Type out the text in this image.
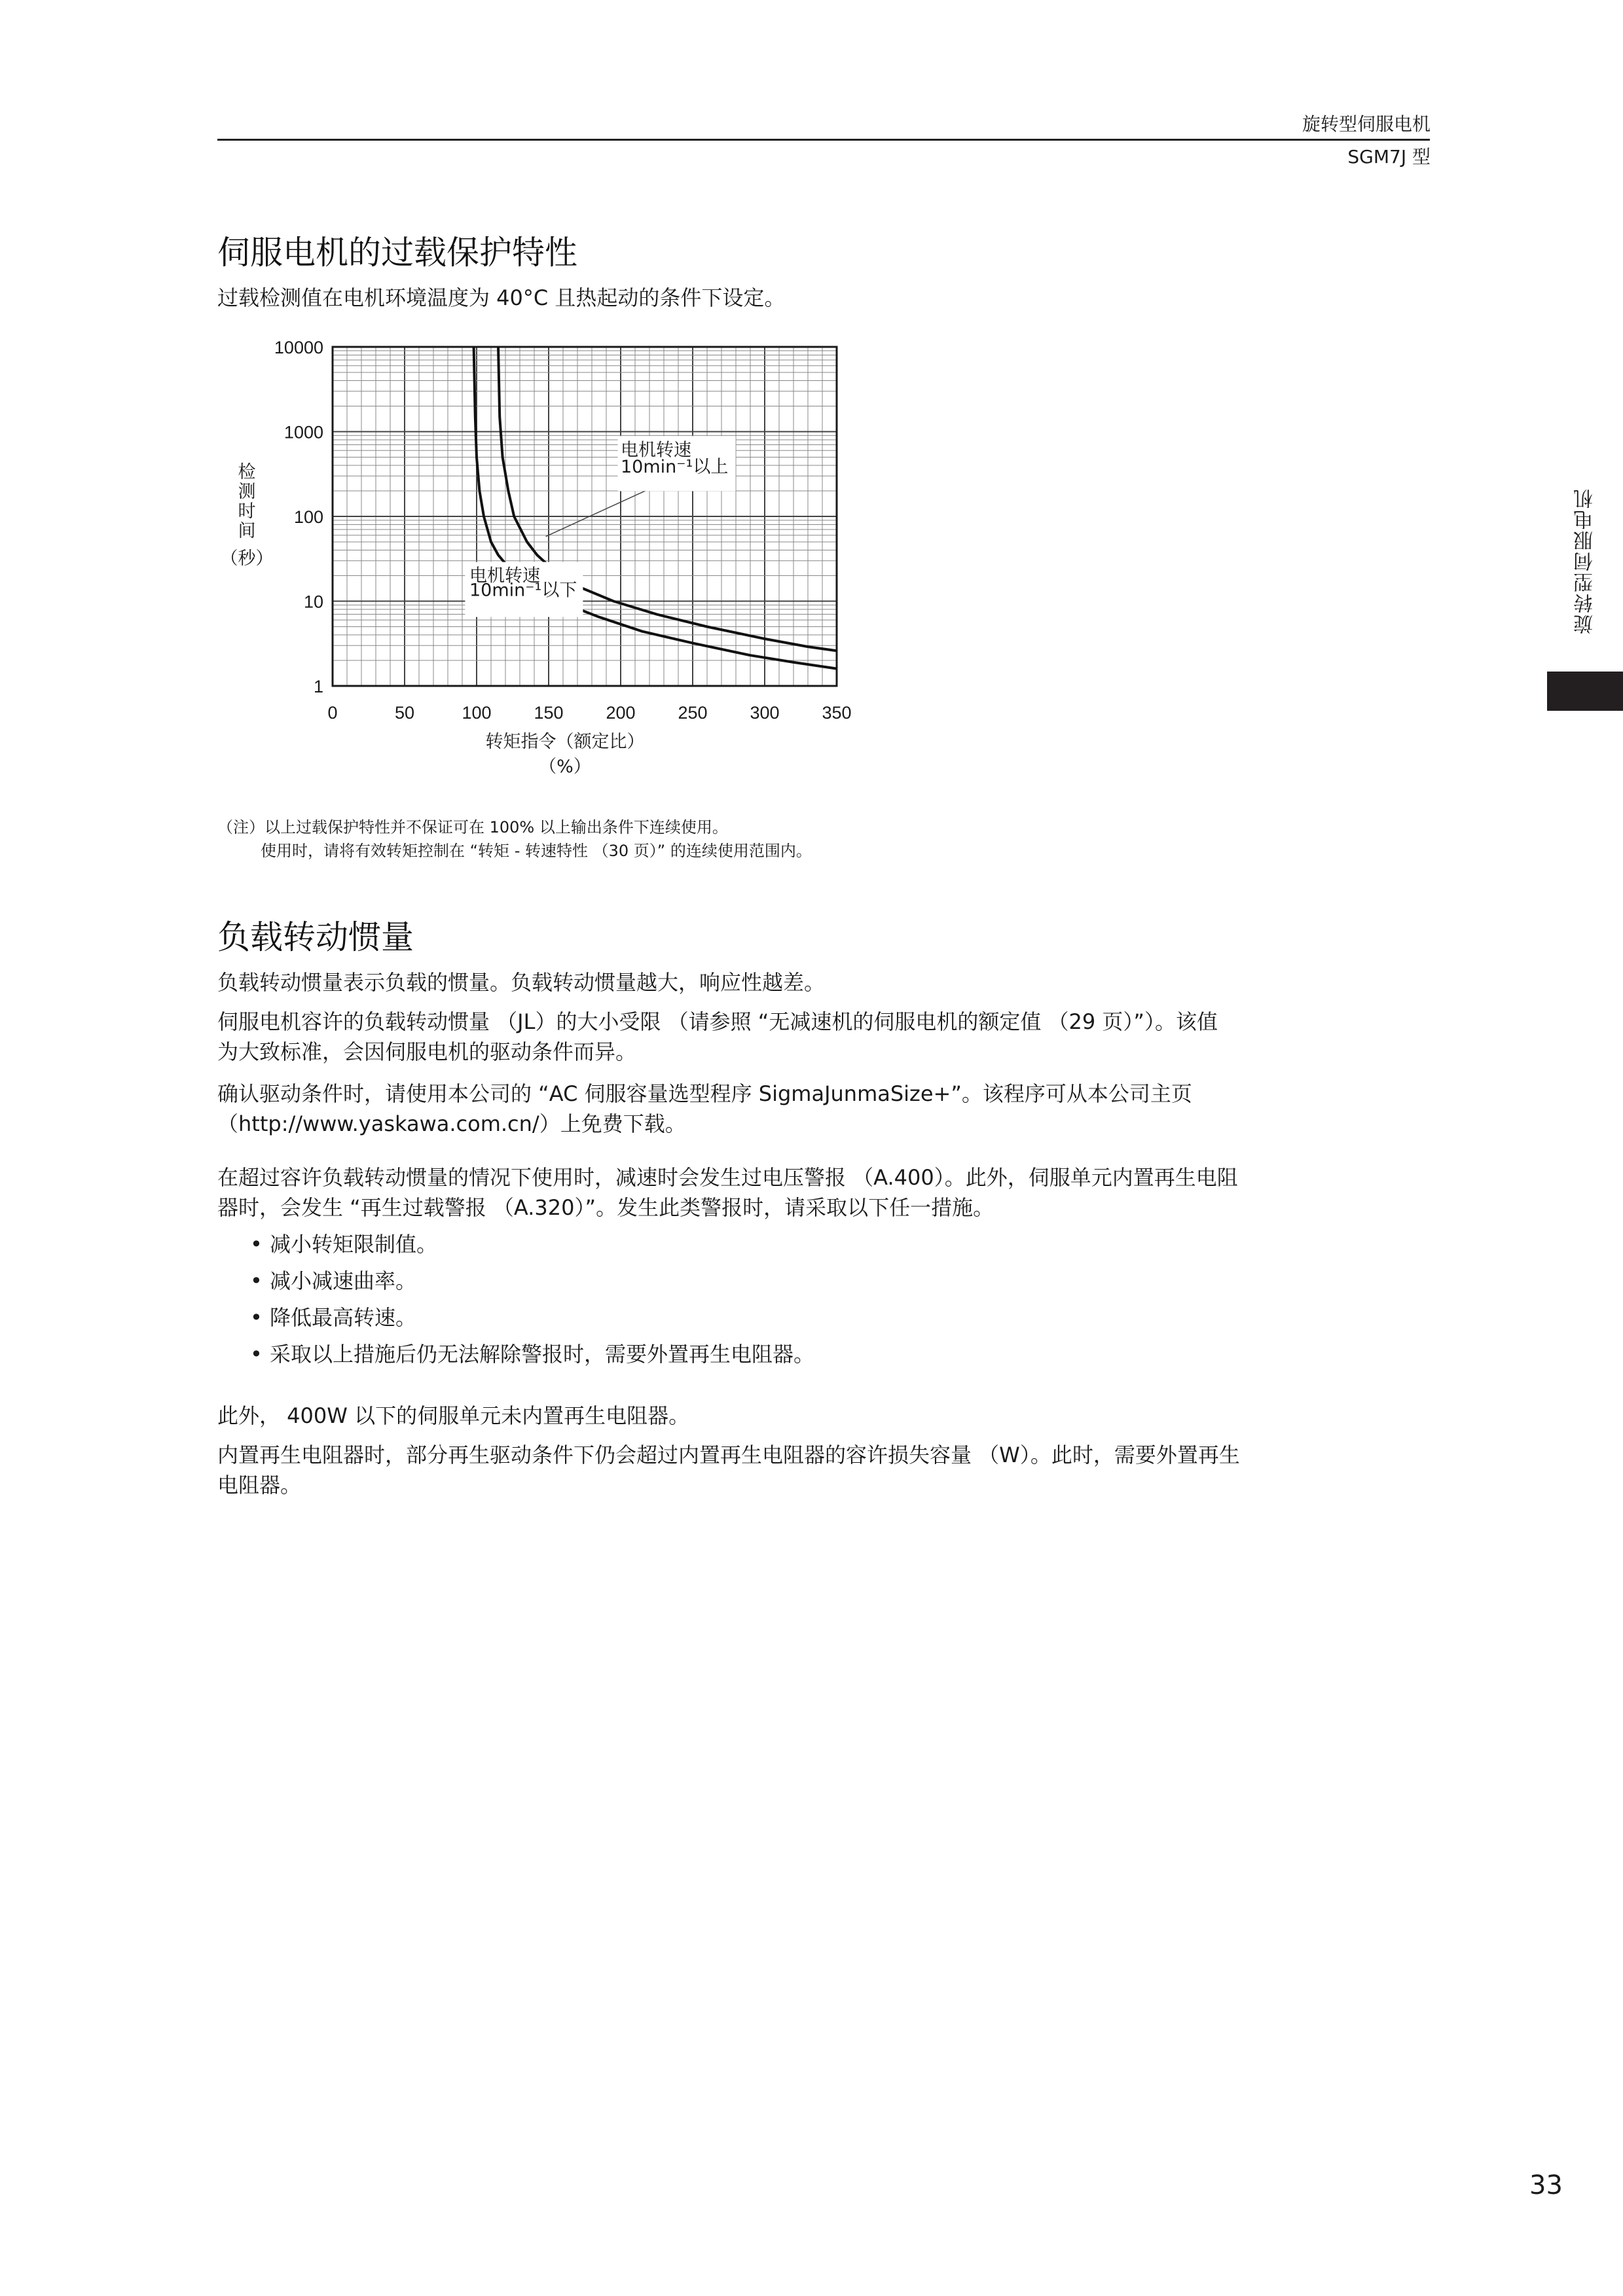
旋转型伺服电机
SGM7J 型
旋转型伺服电机
伺服电机的过载保护特性

过载检测值在电机环境温度为 40°C 且热起动的条件下设定。

0	50	100 150 200 250 300 350
1
10
100
1000
10000
电机转速
10min⁻¹以下
电机转速
10min⁻¹以上
检
测
时
间
（秒）
转矩指令（额定比）
（%）
（注）以上过载保护特性并不保证可在 100% 以上输出条件下连续使用。
使用时，请将有效转矩控制在 “转矩 - 转速特性 （30 页）” 的连续使用范围内。
负载转动惯量

负载转动惯量表示负载的惯量。负载转动惯量越大，响应性越差。

伺服电机容许的负载转动惯量 （JL）的大小受限 （请参照 “无减速机的伺服电机的额定值 （29 页）”）。该值

为大致标准，会因伺服电机的驱动条件而异。

确认驱动条件时，请使用本公司的 “AC 伺服容量选型程序 SigmaJunmaSize+”。该程序可从本公司主页

（http://www.yaskawa.com.cn/）上免费下载。

在超过容许负载转动惯量的情况下使用时，减速时会发生过电压警报 （A.400）。此外，伺服单元内置再生电阻

器时，会发生 “再生过载警报 （A.320）”。发生此类警报时，请采取以下任一措施。

• 减小转矩限制值。
• 减小减速曲率。
• 降低最高转速。
• 采取以上措施后仍无法解除警报时，需要外置再生电阻器。

此外， 400W 以下的伺服单元未内置再生电阻器。

内置再生电阻器时，部分再生驱动条件下仍会超过内置再生电阻器的容许损失容量 （W）。此时，需要外置再生

电阻器。

33
